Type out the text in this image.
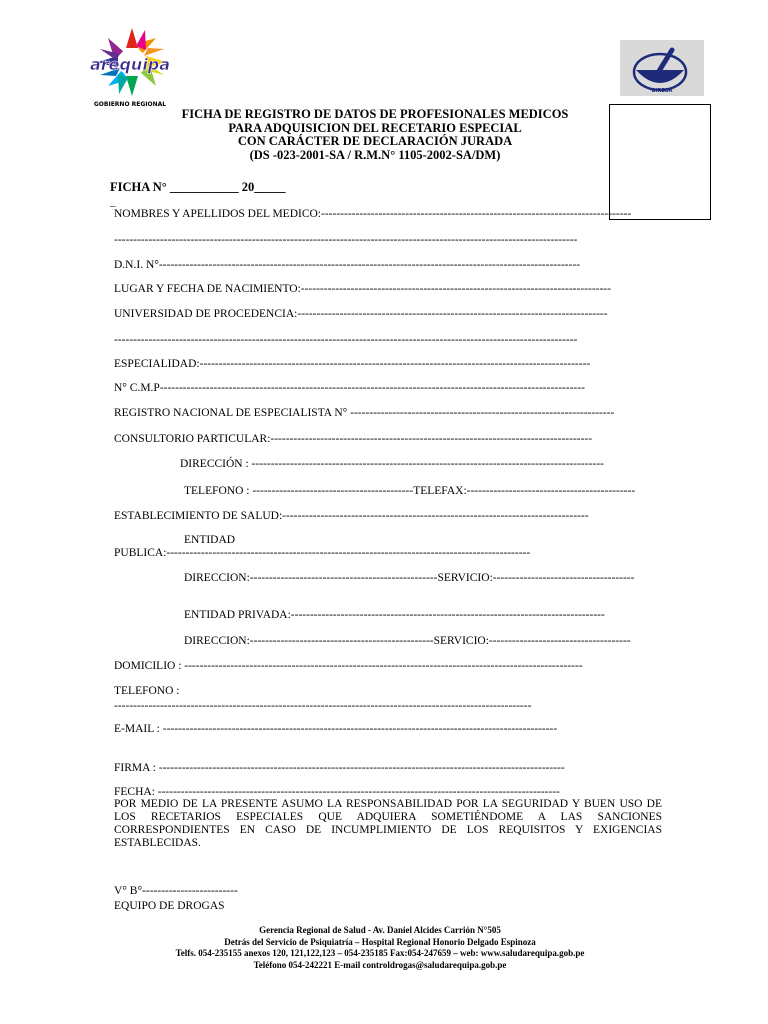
arequipa
GOBIERNO REGIONAL
DIRESA
FICHA DE REGISTRO DE DATOS DE PROFESIONALES MEDICOS
PARA ADQUISICION DEL RECETARIO ESPECIAL
CON CARÁCTER DE DECLARACIÓN JURADA
(DS -023-2001-SA / R.M.N° 1105-2002-SA/DM)
FICHA N° ___________ 20_____
_
NOMBRES Y APELLIDOS DEL MEDICO:---------------------------------------------------------------------------------
-------------------------------------------------------------------------------------------------------------------------
D.N.I. N°--------------------------------------------------------------------------------------------------------------
LUGAR Y FECHA DE NACIMIENTO:---------------------------------------------------------------------------------
UNIVERSIDAD DE PROCEDENCIA:---------------------------------------------------------------------------------
-------------------------------------------------------------------------------------------------------------------------
ESPECIALIDAD:------------------------------------------------------------------------------------------------------
N° C.M.P---------------------------------------------------------------------------------------------------------------
REGISTRO NACIONAL DE ESPECIALISTA N° ---------------------------------------------------------------------
CONSULTORIO PARTICULAR:------------------------------------------------------------------------------------
DIRECCIÓN : --------------------------------------------------------------------------------------------
TELEFONO : ------------------------------------------TELEFAX:--------------------------------------------
ESTABLECIMIENTO DE SALUD:--------------------------------------------------------------------------------
ENTIDAD
PUBLICA:-----------------------------------------------------------------------------------------------
DIRECCION:-------------------------------------------------SERVICIO:-------------------------------------
ENTIDAD PRIVADA:----------------------------------------------------------------------------------
DIRECCION:------------------------------------------------SERVICIO:-------------------------------------
DOMICILIO : --------------------------------------------------------------------------------------------------------
TELEFONO :
-------------------------------------------------------------------------------------------------------------
E-MAIL : -------------------------------------------------------------------------------------------------------
FIRMA : ----------------------------------------------------------------------------------------------------------
FECHA: ---------------------------------------------------------------------------------------------------------
POR MEDIO DE LA PRESENTE ASUMO LA RESPONSABILIDAD POR LA SEGURIDAD Y BUEN USO DE LOS RECETARIOS ESPECIALES QUE ADQUIERA SOMETIÉNDOME A LAS SANCIONES CORRESPONDIENTES EN CASO DE INCUMPLIMIENTO DE LOS REQUISITOS Y EXIGENCIAS ESTABLECIDAS.
V° B°-------------------------
EQUIPO DE DROGAS
Gerencia Regional de Salud - Av. Daniel Alcides Carrión N°505
Detrás del Servicio de Psiquiatría – Hospital Regional Honorio Delgado Espinoza
Telfs. 054-235155 anexos 120, 121,122,123 – 054-235185 Fax:054-247659 – web: www.saludarequipa.gob.pe
Teléfono 054-242221 E-mail controldrogas@saludarequipa.gob.pe
